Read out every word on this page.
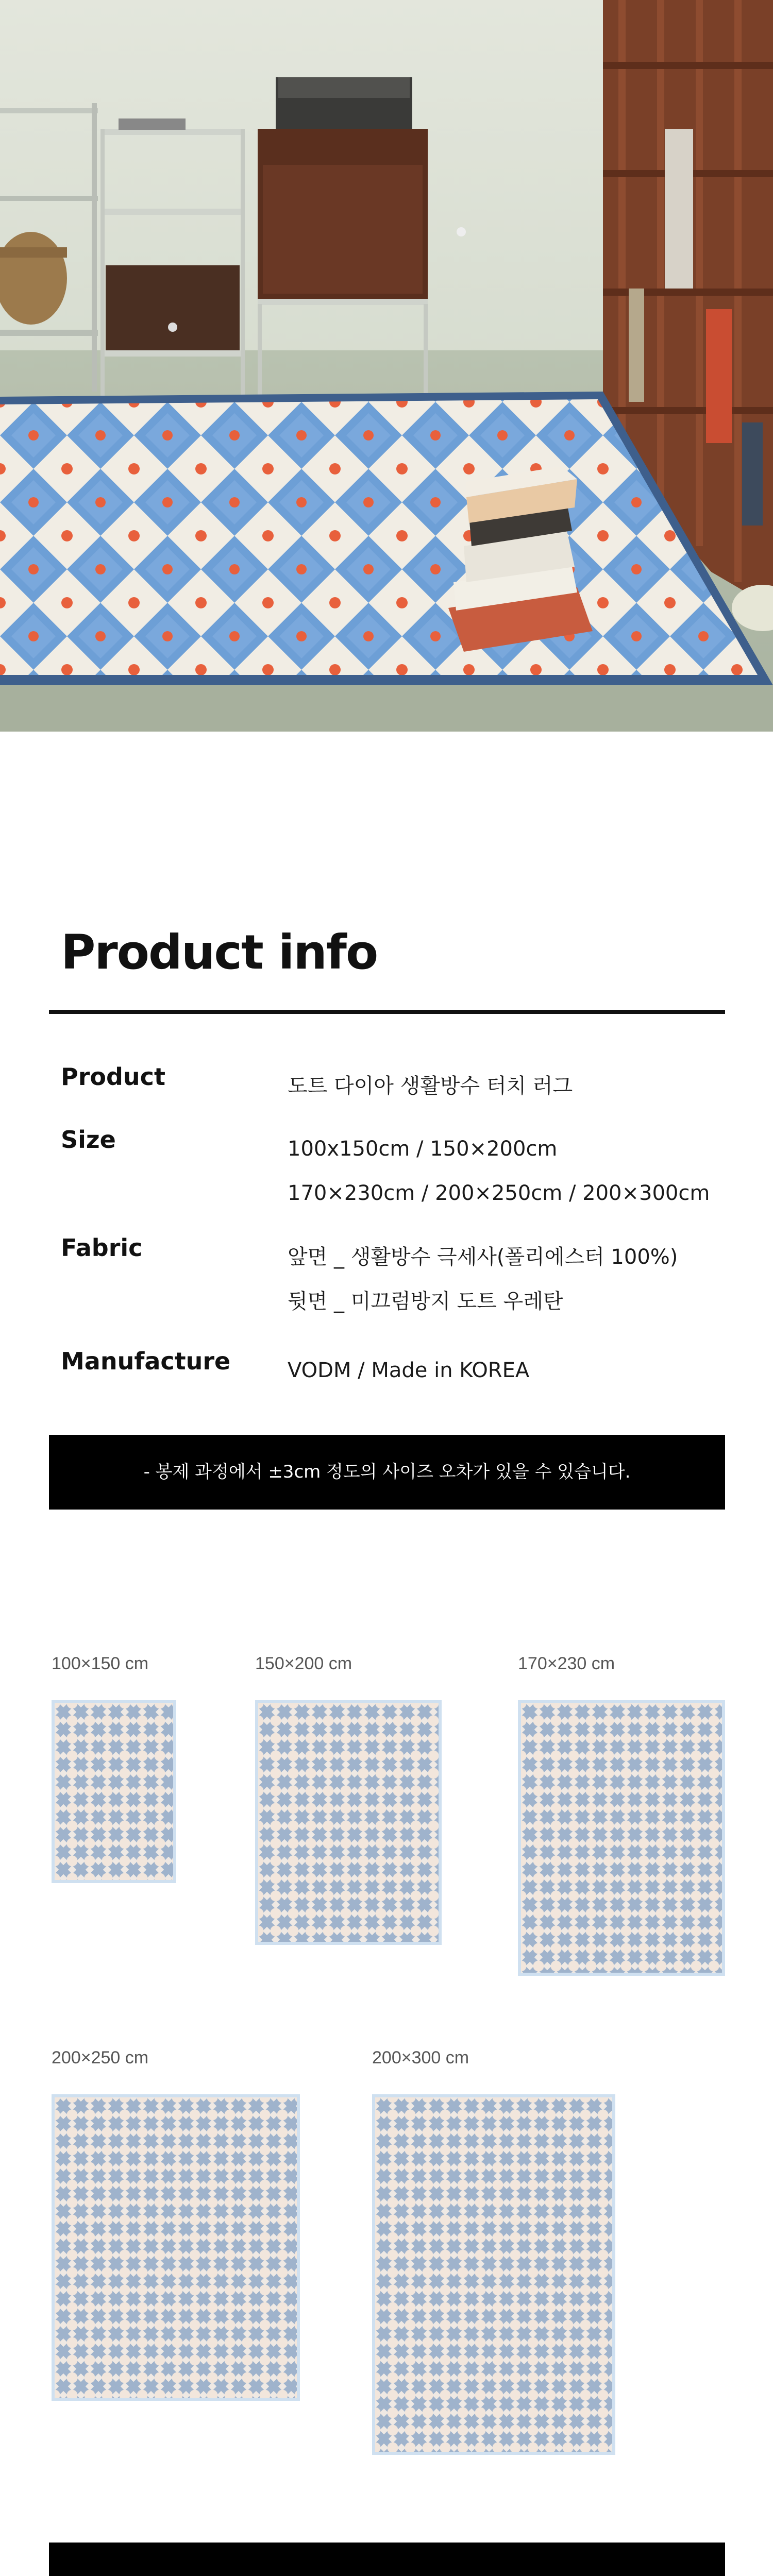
Product info
Product	도트 다이아 생활방수 터치 러그
Size	100x150cm / 150×200cm
170×230cm / 200×250cm / 200×300cm
Fabric	앞면 _ 생활방수 극세사(폴리에스터 100%)
뒷면 _ 미끄럼방지 도트 우레탄
Manufacture	VODM / Made in KOREA
- 봉제 과정에서 ±3cm 정도의 사이즈 오차가 있을 수 있습니다.
100×150 cm	150×200 cm	170×230 cm
200×250 cm	200×300 cm
